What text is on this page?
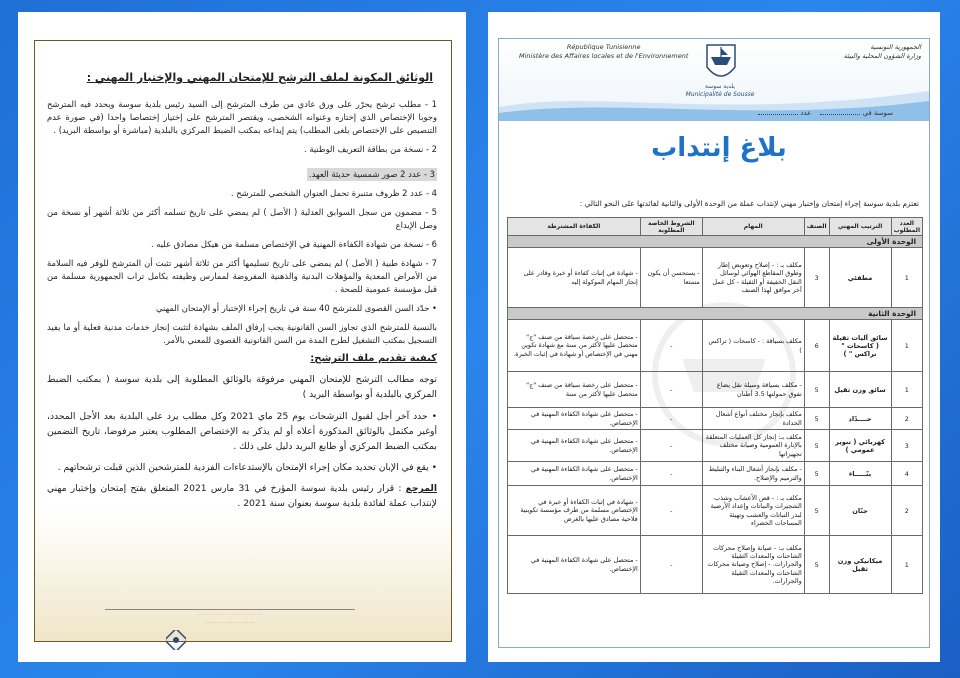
الوثائق المكونة لملف الترشح للإمتحان المهني والإختبار المهني :
1 - مطلب ترشح يحرّر على ورق عادي من طرف المترشح إلى السيد رئيس بلدية سوسة ويحدد فيه المترشح وجوبا الإختصاص الذي إختاره وعنوانه الشخصي، ويقتصر المترشح على إختيار إختصاصا واحدا (في صورة عدم التنصيص على الإختصاص يلغى المطلب) يتم إيداعه بمكتب الضبط المركزي بالبلدية (مباشرة أو بواسطة البريد) .
2 - نسخة من بطاقة التعريف الوطنية .
3 - عدد 2 صور شمسية حديثة العهد.
4 - عدد 2 ظروف متنبرة تحمل العنوان الشخصي للمترشح .
5 - مضمون من سجل السوابق العدلية ( الأصل ) لم يمضي على تاريخ تسلمه أكثر من ثلاثة أشهر أو نسخة من وصل الإيداع
6 - نسخة من شهادة الكفاءة المهنية في الإختصاص مسلمة من هيكل مصادق عليه .
7 - شهادة طبية ( الأصل ) لم يمضي على تاريخ تسليمها أكثر من ثلاثة أشهر تثبت أن المترشح للوفر فيه السلامة من الأمراض المعدية والمؤهلات البدنية والذهنية المفروضة لممارس وظيفته بكامل تراب الجمهورية مسلمة من قبل مؤسسة عمومية للصحة .
• حدّد السن القصوى للمترشح 40 سنة في تاريخ إجراء الإختبار أو الإمتحان المهني
بالنسبة للمترشح الذي تجاوز السن القانونية يجب إرفاق الملف بشهادة لتثبت إنجاز خدمات مدنية فعلية أو ما يفيد التسجيل بمكتب التشغيل لطرح المدة من السن القانونية القصوى للمعني بالأمر.
كيفية تقديم ملف الترشح:
توجه مطالب الترشح للإمتحان المهني مرفوقة بالوثائق المطلوبة إلى بلدية سوسة ( بمكتب الضبط المركزي بالبلدية أو بواسطة البريد )
• حدد آخر أجل لقبول الترشحات يوم 25 ماي 2021 وكل مطلب يرد على البلدية بعد الأجل المحدد، أوغير مكتمل بالوثائق المذكورة أعلاه أو لم يذكر به الإختصاص المطلوب يعتبر مرفوضا، تاريخ التضمين بمكتب الضبط المركزي أو طابع البريد دليل على ذلك .
• يقع في الإبان تحديد مكان إجراء الإمتحان بالإستدعاءات الفردية للمترشحين الذين قبلت ترشحاتهم .
المرجع : قرار رئيس بلدية سوسة المؤرخ في 31 مارس 2021 المتعلق بفتح إمتحان وإختبار مهني لإنتداب عملة لفائدة بلدية سوسة بعنوان سنة 2021 .
· · · · · · · · · · · · · · · · · · · · ·
· · · · · · · · · · · · · · · ·
الجمهورية التونسية
وزارة الشؤون المحلية والبيئة
République Tunisienne
Ministère des Affaires locales et de l'Environnement
بلدية سوسة
Municipalité de Sousse
سوسة في     عدد
بلاغ إنتداب
تعتزم بلدية سوسة إجراء إمتحان وإختبار مهني لإنتداب عملة من الوحدة الأولى والثانية لفائدتها على النحو التالي :
العدد المطلوب	الترتيب المهني	الصنف	المهام	الشروط الخاصة المطلوبة	الكفاءة المشترطة
الوحدة الأولى					
1	مطفئي	3	مكلف بـ : - إصلاح وتعويض إطار وطوق المقاطع الهوائي لوسائل النقل الخفيفة أو الثقيلة - كل عمل آخر موافق لهذا الصنف	- يستحسن أن يكون متمتعا	- شهادة في إثبات كفاءة أو خبرة وقادر على إنجاز المهام الموكولة إليه
الوحدة الثانية					
1	سائق آليات ثقيلة ( كاسحات " تراكس " )	6	مكلف بسياقة : - كاسحات ( تراكس )	-	- متحصل على رخصة سياقة من صنف "ج" متحصل عليها لأكثر من سنة مع شهادة تكوين مهني في الإختصاص أو شهادة في إثبات الخبرة.
1	سائق وزن ثقيل	5	- مكلف بسياقة وسيلة نقل يضاع تفوق حمولتها 3.5 أطنان	-	- متحصل على رخصة سياقة من صنف "ج" متحصل عليها لأكثر من سنة
2	حــــدّاد	5	مكلف بإنجاز مختلف أنواع أشغال الحدادة	-	- متحصل على شهادة الكفاءة المهنية في الإختصاص.
3	كهربائي ( تنوير عمومي )	5	مكلف بـ: إنجاز كل العمليات المتعلقة بالإنارة العمومية وصيانة مختلف تجهيزاتها	-	- متحصل على شهادة الكفاءة المهنية في الإختصاص.
4	بنّـــــاء	5	- مكلف بإنجاز أشغال البناء والتبليط والترميم والإصلاح.	-	- متحصل على شهادة الكفاءة المهنية في الإختصاص.
2	جنّان	5	مكلف بـ : - قص الأعشاب وشذب الشجيرات والنباتات وإعداد الأرضية لبذر النباتات والعشب وتهيئة المساحات الخضراء	-	- شهادة في إثبات الكفاءة أو خبرة في الإختصاص مسلمة من طرف مؤسسة تكوينية فلاحية مصادق عليها بالغرض
1	ميكانيكي وزن ثقيل	5	مكلف بـ: - صيانة وإصلاح محركات الشاحنات والمعدات الثقيلة والجرارات. - إصلاح وصيانة محركات الشاحنات والمعدات الثقيلة والجرارات.	-	- متحصل على شهادة الكفاءة المهنية في الإختصاص.
